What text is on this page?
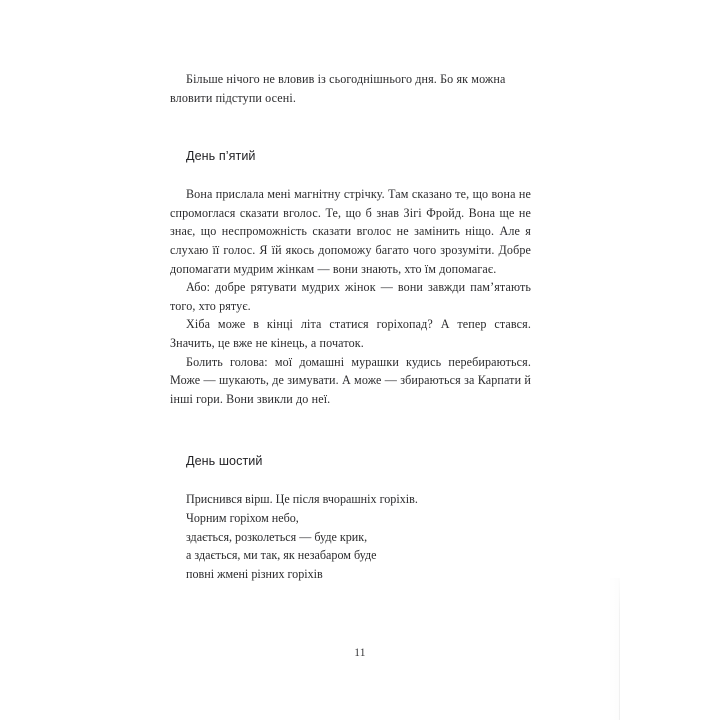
Більше нічого не вловив із сьогоднішнього дня. Бо як можна вловити підступи осені.

День п’ятий

Вона прислала мені магнітну стрічку. Там сказано те, що вона не спромоглася сказати вголос. Те, що б знав Зігі Фройд. Вона ще не знає, що неспроможність сказати вголос не замінить ніщо. Але я слухаю її голос. Я їй якось допоможу багато чого зрозуміти. Добре допомагати мудрим жінкам — вони знають, хто їм допомагає.

Або: добре рятувати мудрих жінок — вони завжди пам’ятають того, хто рятує.

Хіба може в кінці літа статися горіхопад? А тепер стався. Значить, це вже не кінець, а початок.

Болить голова: мої домашні мурашки кудись перебираються. Може — шукають, де зимувати. А може — збираються за Карпати й інші гори. Вони звикли до неї.

День шостий

Приснився вірш. Це після вчорашніх горіхів.
Чорним горіхом небо,
здається, розколеться — буде крик,
а здається, ми так, як незабаром буде
повні жмені різних горіхів
11
